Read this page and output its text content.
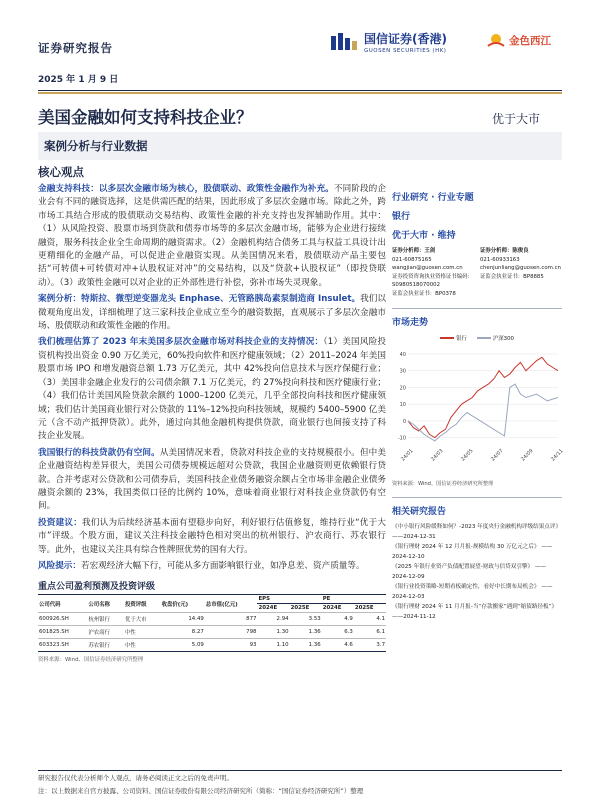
证券研究报告
2025 年 1 月 9 日
国信证券(香港)
GUOSEN SECURITIES (HK)
金色西江
美国金融如何支持科技企业？	优于大市
案例分析与行业数据
核心观点

金融支持科技：以多层次金融市场为核心，股债联动、政策性金融作为补充。不同阶段的企业会有不同的融资选择，这是供需匹配的结果，因此形成了多层次金融市场。除此之外，跨市场工具结合形成的股债联动交易结构、政策性金融的补充支持也发挥辅助作用。其中：（1）从风险投资、股票市场到贷款和债券市场等的多层次金融市场，能够为企业进行接续融资，服务科技企业全生命周期的融资需求。（2）金融机构结合债务工具与权益工具设计出更精细化的金融产品，可以促进企业融资实现。从美国情况来看，股债联动产品主要包括“可转债+可转债对冲+认股权证对冲”的交易结构，以及“贷款+认股权证”（即投贷联动）。（3）政策性金融可以对企业的正外部性进行补偿，弥补市场失灵现象。

案例分析：特斯拉、微型逆变器龙头 Enphase、无管路胰岛素泵制造商 Insulet。我们以微观角度出发，详细梳理了这三家科技企业成立至今的融资数据，直观展示了多层次金融市场、股债联动和政策性金融的作用。

我们梳理估算了 2023 年末美国多层次金融市场对科技企业的支持情况：（1）美国风险投资机构投出资金 0.90 万亿美元，60%投向软件和医疗健康领域；（2）2011–2024 年美国股票市场 IPO 和增发融资总额 1.73 万亿美元，其中 42%投向信息技术与医疗保健行业；（3）美国非金融企业发行的公司债余额 7.1 万亿美元，约 27%投向科技和医疗健康行业；（4）我们估计美国风险贷款余额约 1000–1200 亿美元，几乎全部投向科技和医疗健康领域；我们估计美国商业银行对公贷款的 11%–12%投向科技领域，规模约 5400–5900 亿美元（含不动产抵押贷款）。此外，通过向其他金融机构提供贷款，商业银行也间接支持了科技企业发展。

我国银行的科技贷款仍有空间。从美国情况来看，贷款对科技企业的支持规模很小。但中美企业融资结构差异很大，美国公司债券规模远超对公贷款，我国企业融资则更依赖银行贷款。合并考虑对公贷款和公司债券后，美国科技企业债务融资余额占全市场非金融企业债务融资余额的 23%，我国类似口径的比例约 10%，意味着商业银行对科技企业贷款仍有空间。

投资建议：我们认为后续经济基本面有望稳步向好，利好银行估值修复，维持行业“优于大市”评级。个股方面，建议关注科技金融特色相对突出的杭州银行、沪农商行、苏农银行等。此外，也建议关注具有综合性牌照优势的国有大行。

风险提示：若宏观经济大幅下行，可能从多方面影响银行业，如净息差、资产质量等。

重点公司盈利预测及投资评级
公司代码	公司名称	投资评级	收盘价(元)	总市值(亿元)	EPS		PE	
					2024E	2025E	2024E	2025E
600926.SH	杭州银行	优于大市	14.49	877	2.94	3.53	4.9	4.1
601825.SH	沪农商行	中性	8.27	798	1.30	1.36	6.3	6.1
603323.SH	苏农银行	中性	5.09	93	1.10	1.36	4.6	3.7
资料来源：Wind、国信证券经济研究所整理
行业研究 · 行业专题
银行
优于大市 · 维持
证券分析师：王剑
021-60875165
wangjian@guosen.com.cn
证券投资咨询执业资格证书编码：
S0980518070002
证监会执业证书：BP0378
证券分析师：陈俊良
021-60933163
chenjunliang@guosen.com.cn
证监会执业证书：BP8885
市场走势
银行	沪深300
40
30
20
10
0
-10
24/01	24/03	24/05	24/07	24/09	24/11
资料来源：Wind、国信证券经济研究所整理
相关研究报告
《中小银行风险缓释如何？-2023 年度央行金融机构评级结果点评》 ——2024-12-31
《银行理财 2024 年 12 月月报-规模结构 30 万亿元之后》 ——2024-12-10
《2025 年银行业资产负债配置展望-财政与信贷双引擎》 ——2024-12-09
《银行业投资策略-短期看板确定性，看好中长期布局机会》 ——2024-12-03
《银行理财 2024 年 11 月月报-当“存款搬家”遇到“缩债路径板”》 ——2024-11-12
研究报告仅代表分析师个人观点，请务必阅读正文之后的免责声明。
注：以上数据来自官方披露、公司资料、国信证券股份有限公司经济研究所（简称：“国信证券经济研究所”）整理
